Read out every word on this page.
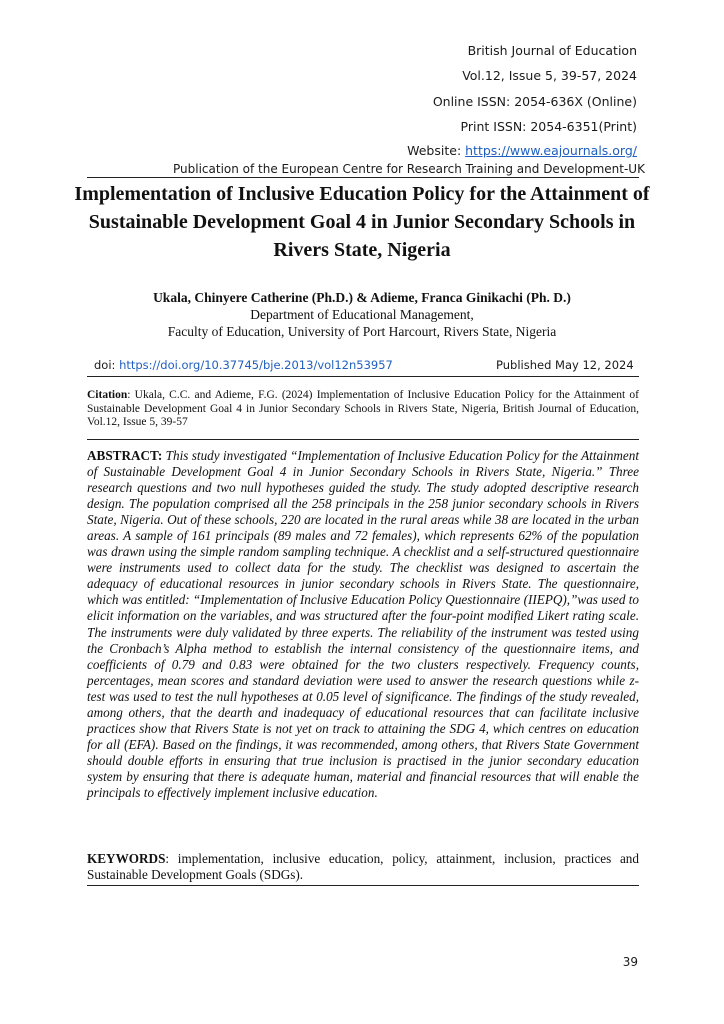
British Journal of Education
Vol.12, Issue 5, 39-57, 2024
Online ISSN: 2054-636X (Online)
Print ISSN: 2054-6351(Print)
Website: https://www.eajournals.org/
Publication of the European Centre for Research Training and Development-UK
Implementation of Inclusive Education Policy for the Attainment of Sustainable Development Goal 4 in Junior Secondary Schools in Rivers State, Nigeria
Ukala, Chinyere Catherine (Ph.D.) & Adieme, Franca Ginikachi (Ph. D.)
Department of Educational Management,
Faculty of Education, University of Port Harcourt, Rivers State, Nigeria
doi: https://doi.org/10.37745/bje.2013/vol12n53957	Published May 12, 2024
Citation: Ukala, C.C. and Adieme, F.G. (2024) Implementation of Inclusive Education Policy for the Attainment of Sustainable Development Goal 4 in Junior Secondary Schools in Rivers State, Nigeria, British Journal of Education, Vol.12, Issue 5, 39-57
ABSTRACT: This study investigated “Implementation of Inclusive Education Policy for the Attainment of Sustainable Development Goal 4 in Junior Secondary Schools in Rivers State, Nigeria.” Three research questions and two null hypotheses guided the study. The study adopted descriptive research design. The population comprised all the 258 principals in the 258 junior secondary schools in Rivers State, Nigeria. Out of these schools, 220 are located in the rural areas while 38 are located in the urban areas. A sample of 161 principals (89 males and 72 females), which represents 62% of the population was drawn using the simple random sampling technique. A checklist and a self-structured questionnaire were instruments used to collect data for the study. The checklist was designed to ascertain the adequacy of educational resources in junior secondary schools in Rivers State. The questionnaire, which was entitled: “Implementation of Inclusive Education Policy Questionnaire (IIEPQ),”was used to elicit information on the variables, and was structured after the four-point modified Likert rating scale. The instruments were duly validated by three experts. The reliability of the instrument was tested using the Cronbach’s Alpha method to establish the internal consistency of the questionnaire items, and coefficients of 0.79 and 0.83 were obtained for the two clusters respectively. Frequency counts, percentages, mean scores and standard deviation were used to answer the research questions while z-test was used to test the null hypotheses at 0.05 level of significance. The findings of the study revealed, among others, that the dearth and inadequacy of educational resources that can facilitate inclusive practices show that Rivers State is not yet on track to attaining the SDG 4, which centres on education for all (EFA). Based on the findings, it was recommended, among others, that Rivers State Government should double efforts in ensuring that true inclusion is practised in the junior secondary education system by ensuring that there is adequate human, material and financial resources that will enable the principals to effectively implement inclusive education.
KEYWORDS: implementation, inclusive education, policy, attainment, inclusion, practices and Sustainable Development Goals (SDGs).
39
